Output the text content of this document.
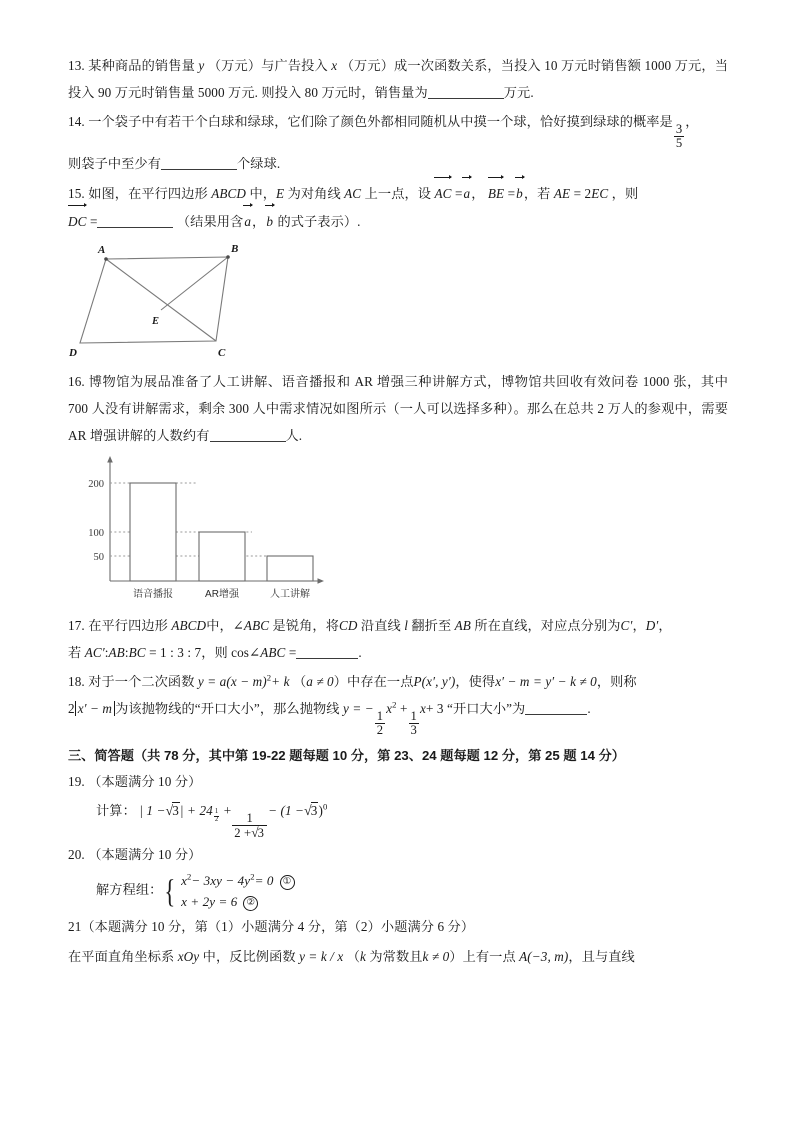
13. 某种商品的销售量 y （万元）与广告投入 x （万元）成一次函数关系，当投入 10 万元时销售额 1000 万元，当投入 90 万元时销售量 5000 万元. 则投入 80 万元时，销售量为	万元.

14. 一个袋子中有若干个白球和绿球，它们除了颜色外都相同随机从中摸一个球，恰好摸到绿球的概率是
$\frac{3}{5}$
，
则袋子中至少有	个绿球.

15. 如图，在平行四边形 ABCD 中，E 为对角线 AC 上一点，设 AC =a， BE =b，若 AE = 2EC ，则
DC =	（结果用含a，b 的式子表示）.

A	B
D	C
E

16. 博物馆为展品准备了人工讲解、语音播报和 AR 增强三种讲解方式，博物馆共回收有效问卷 1000 张，其中 700 人没有讲解需求，剩余 300 人中需求情况如图所示（一人可以选择多种）。那么在总共 2 万人的参观中，需要 AR 增强讲解的人数约有	人.

200
100
50
语音播报	AR增强	人工讲解

17. 在平行四边形 ABCD中，∠ABC 是锐角，将CD 沿直线 l 翻折至 AB 所在直线，对应点分别为C′，D′，
若 AC′:AB:BC = 1 : 3 : 7，则 cos∠ABC =	.

18. 对于一个二次函数 $y = a(x - m)^2+ k$ （a ≠ 0）中存在一点P(x′, y′)，使得x′ − m = y′ − k ≠ 0，则称
2 x′ − m 为该抛物线的“开口大小”，那么抛物线 y = −
$\frac{1}{2}$
$x^2$ +
$\frac{1}{3}$
x+ 3 “开口大小”为	.

三、简答题（共 78 分，其中第 19-22 题每题 10 分，第 23、24 题每题 12 分，第 25 题 14 分）

19. （本题满分 10 分）

计算： | 1 −√3| + 24 $^{\frac{1}{2}}$ +
$\frac{1}{2 +√3}$
− $(1 -√3)^0$

20. （本题满分 10 分）

解方程组： { $x^2- 3xy - 4y^2= 0$ ①
x + 2y = 6 ②

21（本题满分 10 分，第（1）小题满分 4 分，第（2）小题满分 6 分）

在平面直角坐标系 xOy 中，反比例函数 y = k / x （k 为常数且k ≠ 0）上有一点 A(−3, m)，且与直线
